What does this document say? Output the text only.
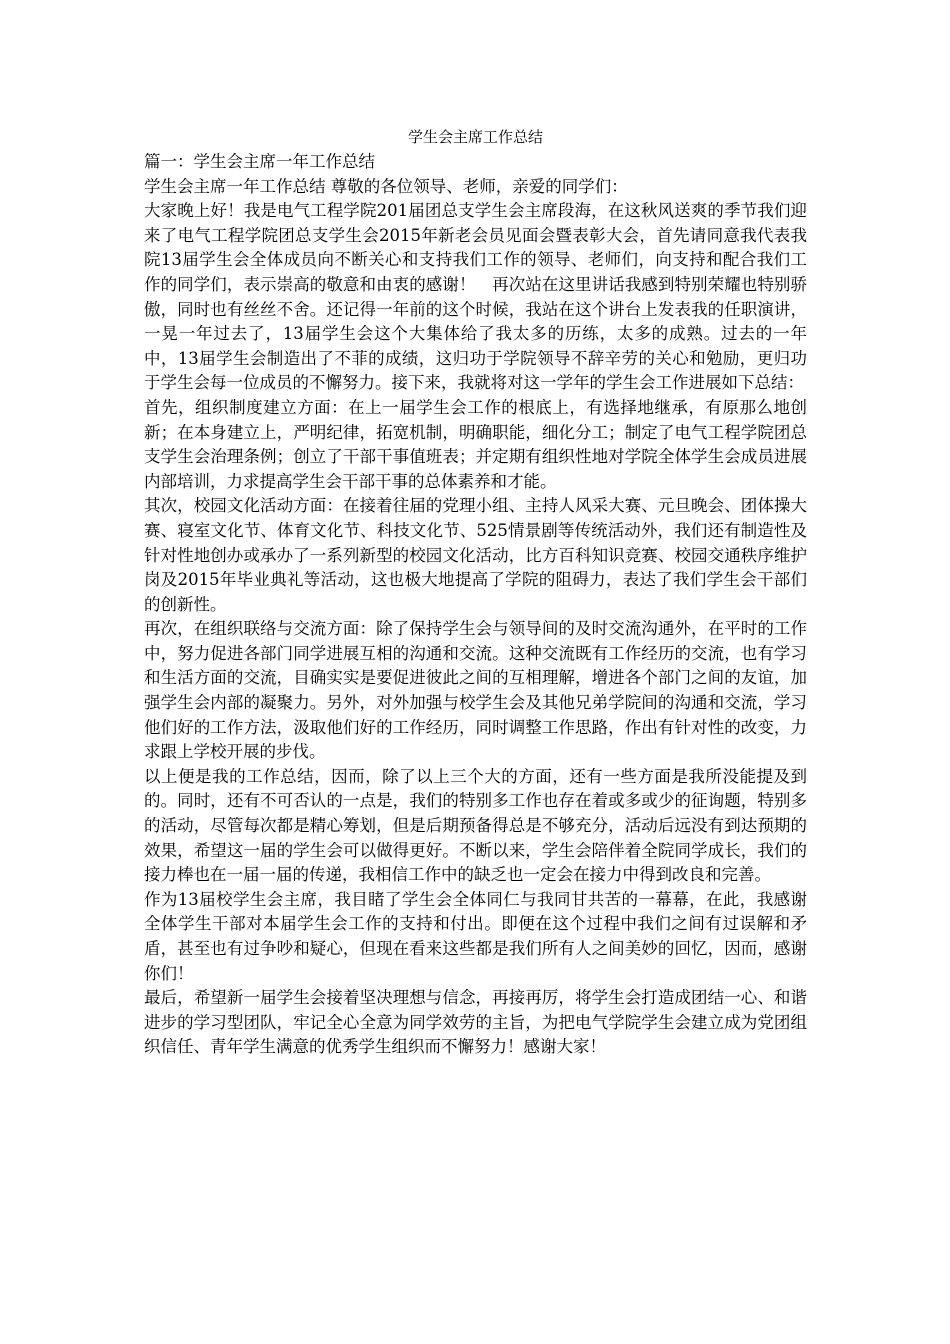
学生会主席工作总结

篇一：学生会主席一年工作总结

学生会主席一年工作总结 尊敬的各位领导、老师，亲爱的同学们：

大家晚上好！我是电气工程学院201届团总支学生会主席段海，在这秋风送爽的季节我们迎来了电气工程学院团总支学生会2015年新老会员见面会暨表彰大会，首先请同意我代表我院13届学生会全体成员向不断关心和支持我们工作的领导、老师们，向支持和配合我们工作的同学们，表示崇高的敬意和由衷的感谢！　再次站在这里讲话我感到特别荣耀也特别骄傲，同时也有丝丝不舍。还记得一年前的这个时候，我站在这个讲台上发表我的任职演讲，一晃一年过去了，13届学生会这个大集体给了我太多的历练，太多的成熟。过去的一年中，13届学生会制造出了不菲的成绩，这归功于学院领导不辞辛劳的关心和勉励，更归功于学生会每一位成员的不懈努力。接下来，我就将对这一学年的学生会工作进展如下总结：

首先，组织制度建立方面：在上一届学生会工作的根底上，有选择地继承，有原那么地创新；在本身建立上，严明纪律，拓宽机制，明确职能，细化分工；制定了电气工程学院团总支学生会治理条例；创立了干部干事值班表；并定期有组织性地对学院全体学生会成员进展内部培训，力求提高学生会干部干事的总体素养和才能。

其次，校园文化活动方面：在接着往届的党理小组、主持人风采大赛、元旦晚会、团体操大赛、寝室文化节、体育文化节、科技文化节、525情景剧等传统活动外，我们还有制造性及针对性地创办或承办了一系列新型的校园文化活动，比方百科知识竞赛、校园交通秩序维护岗及2015年毕业典礼等活动，这也极大地提高了学院的阻碍力，表达了我们学生会干部们的创新性。

再次，在组织联络与交流方面：除了保持学生会与领导间的及时交流沟通外，在平时的工作中，努力促进各部门同学进展互相的沟通和交流。这种交流既有工作经历的交流，也有学习和生活方面的交流，目确实实是要促进彼此之间的互相理解，增进各个部门之间的友谊，加强学生会内部的凝聚力。另外，对外加强与校学生会及其他兄弟学院间的沟通和交流，学习他们好的工作方法，汲取他们好的工作经历，同时调整工作思路，作出有针对性的改变，力求跟上学校开展的步伐。

以上便是我的工作总结，因而，除了以上三个大的方面，还有一些方面是我所没能提及到的。同时，还有不可否认的一点是，我们的特别多工作也存在着或多或少的征询题，特别多的活动，尽管每次都是精心筹划，但是后期预备得总是不够充分，活动后远没有到达预期的效果，希望这一届的学生会可以做得更好。不断以来，学生会陪伴着全院同学成长，我们的接力棒也在一届一届的传递，我相信工作中的缺乏也一定会在接力中得到改良和完善。

作为13届校学生会主席，我目睹了学生会全体同仁与我同甘共苦的一幕幕，在此，我感谢全体学生干部对本届学生会工作的支持和付出。即便在这个过程中我们之间有过误解和矛盾，甚至也有过争吵和疑心，但现在看来这些都是我们所有人之间美妙的回忆，因而，感谢你们！

最后，希望新一届学生会接着坚决理想与信念，再接再厉，将学生会打造成团结一心、和谐进步的学习型团队，牢记全心全意为同学效劳的主旨，为把电气学院学生会建立成为党团组织信任、青年学生满意的优秀学生组织而不懈努力！感谢大家！
